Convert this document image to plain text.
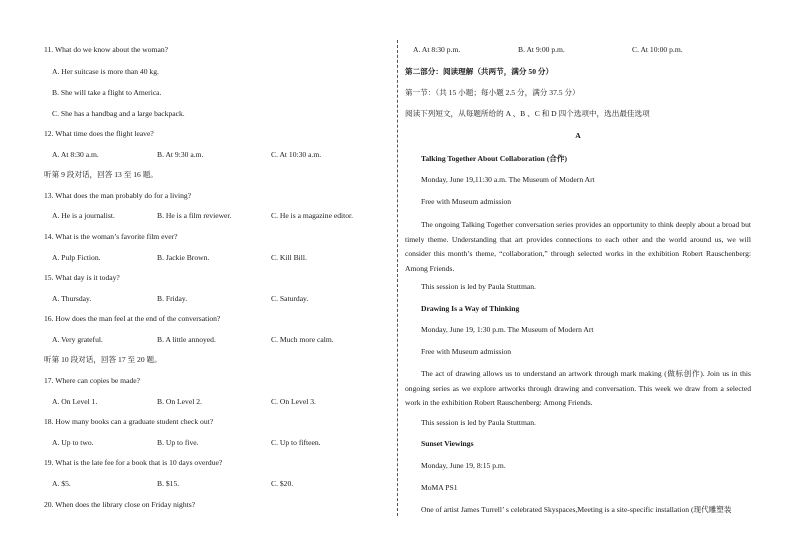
11. What do we know about the woman?
A. Her suitcase is more than 40 kg.
B. She will take a flight to America.
C. She has a handbag and a large backpack.
12. What time does the flight leave?
A. At 8:30 a.m.	B. At 9:30 a.m.	C. At 10:30 a.m.
听第 9 段对话，回答 13 至 16 题。
13. What does the man probably do for a living?
A. He is a journalist.	B. He is a film reviewer.	C. He is a magazine editor.
14. What is the woman’s favorite film ever?
A. Pulp Fiction.	B. Jackie Brown.	C. Kill Bill.
15. What day is it today?
A. Thursday.	B. Friday.	C. Saturday.
16. How does the man feel at the end of the conversation?
A. Very grateful.	B. A little annoyed.	C. Much more calm.
听第 10 段对话，回答 17 至 20 题。
17. Where can copies be made?
A. On Level 1.	B. On Level 2.	C. On Level 3.
18. How many books can a graduate student check out?
A. Up to two.	B. Up to five.	C. Up to fifteen.
19. What is the late fee for a book that is 10 days overdue?
A. $5.	B. $15.	C. $20.
20. When does the library close on Friday nights?
A. At 8:30 p.m.	B. At 9:00 p.m.	C. At 10:00 p.m.
第二部分：阅读理解（共两节，满分 50 分）
第一节：（共 15 小题；每小题 2.5 分，满分 37.5 分）
阅读下列短文，从每题所给的 A 、B 、C 和 D 四个选项中，选出最佳选项
A
Talking Together About Collaboration (合作)
Monday, June 19,11:30 a.m. The Museum of Modern Art
Free with Museum admission
The ongoing Talking Together conversation series provides an opportunity to think deeply about a broad but timely theme. Understanding that art provides connections to each other and the world around us, we will consider this month’s theme, “collaboration,” through selected works in the exhibition Robert Rauschenberg: Among Friends.
This session is led by Paula Stuttman.
Drawing Is a Way of Thinking
Monday, June 19, 1:30 p.m. The Museum of Modern Art
Free with Museum admission
The act of drawing allows us to understand an artwork through mark making (做标创作). Join us in this ongoing series as we explore artworks through drawing and conversation. This week we draw from a selected work in the exhibition Robert Rauschenberg: Among Friends.
This session is led by Paula Stuttman.
Sunset Viewings
Monday, June 19, 8:15 p.m.
MoMA PS1
One of artist James Turrell’ s celebrated Skyspaces,Meeting is a site-specific installation (现代雕塑装
